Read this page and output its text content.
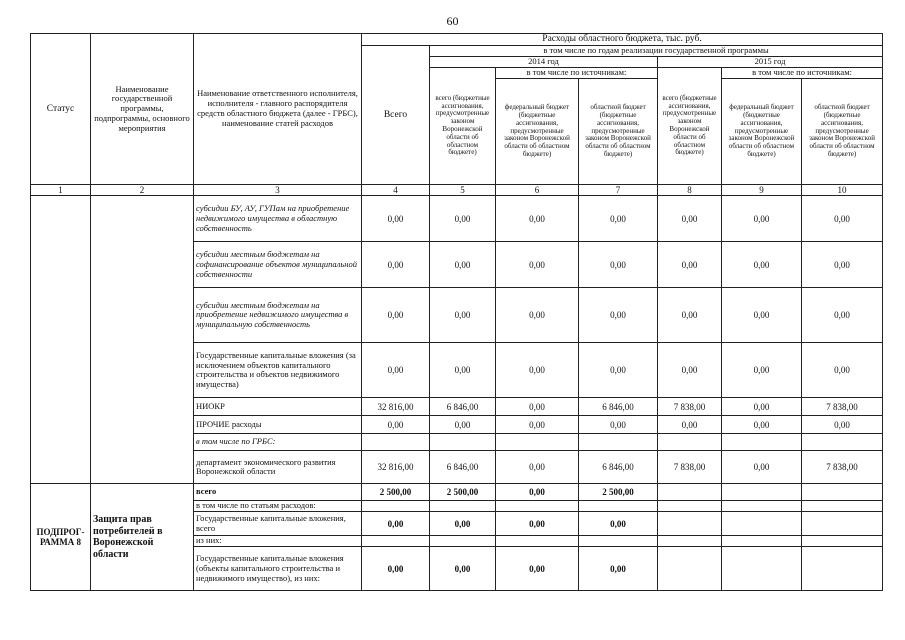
60
Статус	Наименование государственной программы, подпрограммы, основного мероприятия	Наименование ответственного исполнителя, исполнителя - главного распорядителя средств областного бюджета (далее - ГРБС), наименование статей расходов	Расходы областного бюджета, тыс. руб.						
			Всего	в том числе по годам реализации государственной программы					
				2014 год			2015 год		
				всего (бюджетные ассигнования, предусмотренные законом Воронежской области об областном бюджете)	в том числе по источникам:		всего (бюджетные ассигнования, предусмотренные законом Воронежской области об областном бюджете)	в том числе по источникам:	
					федеральный бюджет (бюджетные ассигнования, предусмотренные законом Воронежской области об областном бюджете)	областной бюджет (бюджетные ассигнования, предусмотренные законом Воронежской области об областном бюджете)		федеральный бюджет (бюджетные ассигнования, предусмотренные законом Воронежской области об областном бюджете)	областной бюджет (бюджетные ассигнования, предусмотренные законом Воронежской области об областном бюджете)
1	2	3	4	5	6	7	8	9	10
		субсидии БУ, АУ, ГУПам на приобретение недвижимого имущества в областную собственность	0,00	0,00	0,00	0,00	0,00	0,00	0,00
		субсидии местным бюджетам на софинансирование объектов муниципальной собственности	0,00	0,00	0,00	0,00	0,00	0,00	0,00
		субсидии местным бюджетам на приобретение недвижимого имущества в муниципальную собственность	0,00	0,00	0,00	0,00	0,00	0,00	0,00
		Государственные капитальные вложения (за исключением объектов капитального строительства и объектов недвижимого имущества)	0,00	0,00	0,00	0,00	0,00	0,00	0,00
		НИОКР	32 816,00	6 846,00	0,00	6 846,00	7 838,00	0,00	7 838,00
		ПРОЧИЕ расходы	0,00	0,00	0,00	0,00	0,00	0,00	0,00
		в том числе по ГРБС:							
		департамент экономического развития Воронежской области	32 816,00	6 846,00	0,00	6 846,00	7 838,00	0,00	7 838,00
ПОДПРОГ-РАММА 8	Защита прав потребителей в Воронежской области	всего	2 500,00	2 500,00	0,00	2 500,00			
		в том числе по статьям расходов:							
		Государственные капитальные вложения, всего	0,00	0,00	0,00	0,00			
		из них:							
		Государственные капитальные вложения (объекты капитального строительства и недвижимого имущество), из них:	0,00	0,00	0,00	0,00			
